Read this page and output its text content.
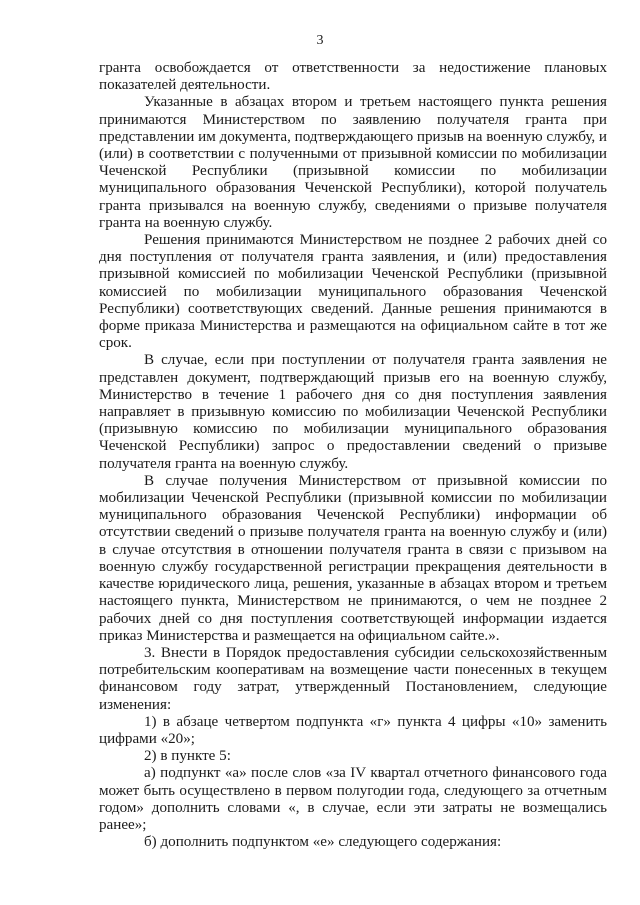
3

гранта освобождается от ответственности за недостижение плановых показателей деятельности.

Указанные в абзацах втором и третьем настоящего пункта решения принимаются Министерством по заявлению получателя гранта при представлении им документа, подтверждающего призыв на военную службу, и (или) в соответствии с полученными от призывной комиссии по мобилизации Чеченской Республики (призывной комиссии по мобилизации муниципального образования Чеченской Республики), которой получатель гранта призывался на военную службу, сведениями о призыве получателя гранта на военную службу.

Решения принимаются Министерством не позднее 2 рабочих дней со дня поступления от получателя гранта заявления, и (или) предоставления призывной комиссией по мобилизации Чеченской Республики (призывной комиссией по мобилизации муниципального образования Чеченской Республики) соответствующих сведений. Данные решения принимаются в форме приказа Министерства и размещаются на официальном сайте в тот же срок.

В случае, если при поступлении от получателя гранта заявления не представлен документ, подтверждающий призыв его на военную службу, Министерство в течение 1 рабочего дня со дня поступления заявления направляет в призывную комиссию по мобилизации Чеченской Республики (призывную комиссию по мобилизации муниципального образования Чеченской Республики) запрос о предоставлении сведений о призыве получателя гранта на военную службу.

В случае получения Министерством от призывной комиссии по мобилизации Чеченской Республики (призывной комиссии по мобилизации муниципального образования Чеченской Республики) информации об отсутствии сведений о призыве получателя гранта на военную службу и (или) в случае отсутствия в отношении получателя гранта в связи с призывом на военную службу государственной регистрации прекращения деятельности в качестве юридического лица, решения, указанные в абзацах втором и третьем настоящего пункта, Министерством не принимаются, о чем не позднее 2 рабочих дней со дня поступления соответствующей информации издается приказ Министерства и размещается на официальном сайте.».

3. Внести в Порядок предоставления субсидии сельскохозяйственным потребительским кооперативам на возмещение части понесенных в текущем финансовом году затрат, утвержденный Постановлением, следующие изменения:

1) в абзаце четвертом подпункта «г» пункта 4 цифры «10» заменить цифрами «20»;

2) в пункте 5:

а) подпункт «а» после слов «за IV квартал отчетного финансового года может быть осуществлено в первом полугодии года, следующего за отчетным годом» дополнить словами «, в случае, если эти затраты не возмещались ранее»;

б) дополнить подпунктом «е» следующего содержания:
